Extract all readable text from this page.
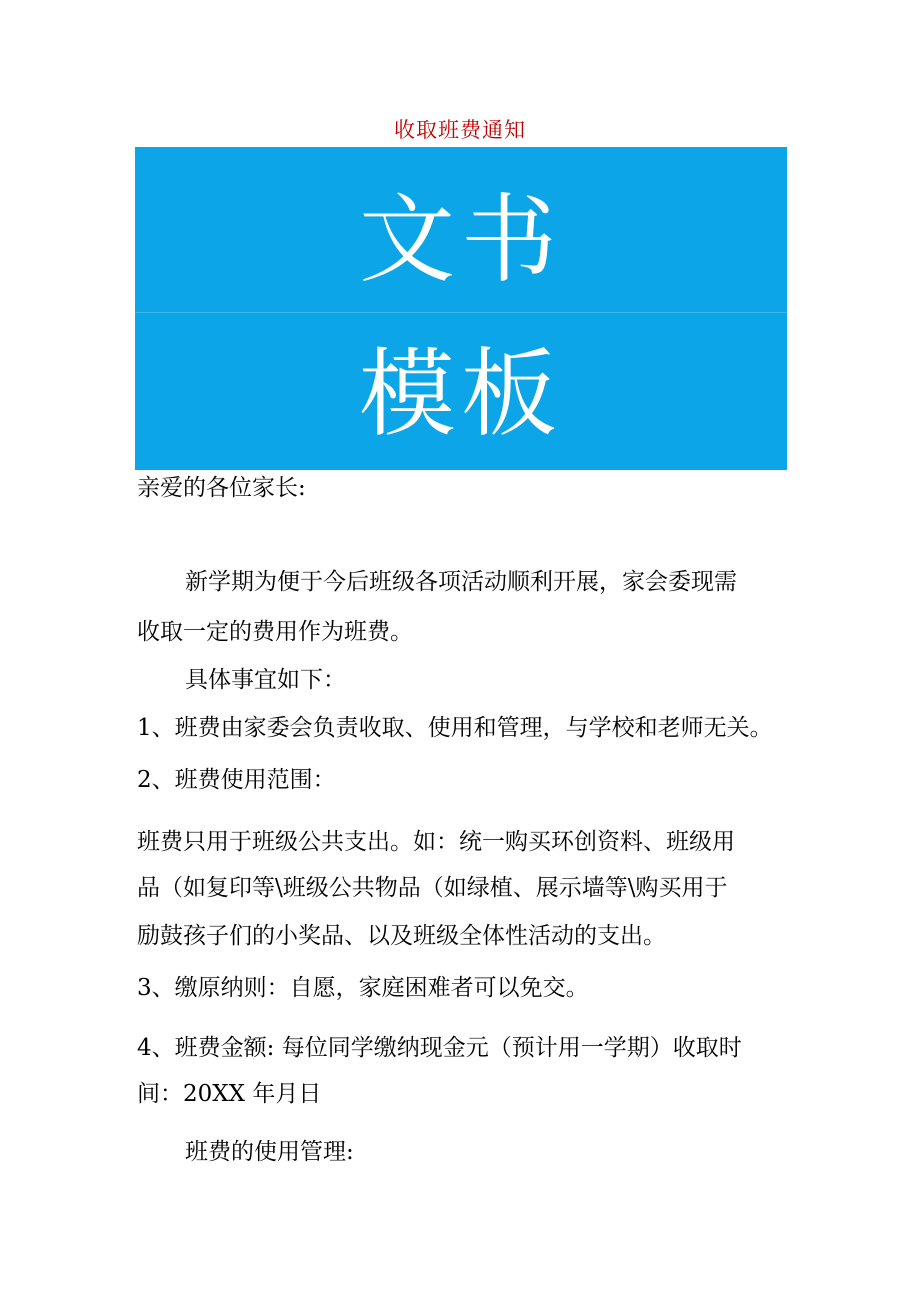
收取班费通知
文书
模板
亲爱的各位家长:
新学期为便于今后班级各项活动顺利开展，家会委现需
收取一定的费用作为班费。
具体事宜如下：
1、班费由家委会负责收取、使用和管理，与学校和老师无关。
2、班费使用范围：
班费只用于班级公共支出。如：统一购买环创资料、班级用
品（如复印等\班级公共物品（如绿植、展示墙等\购买用于
励鼓孩子们的小奖品、以及班级全体性活动的支出。
3、缴原纳则：自愿，家庭困难者可以免交。
4、班费金额: 每位同学缴纳现金元（预计用一学期）收取时
间：20XX 年月日
班费的使用管理:
